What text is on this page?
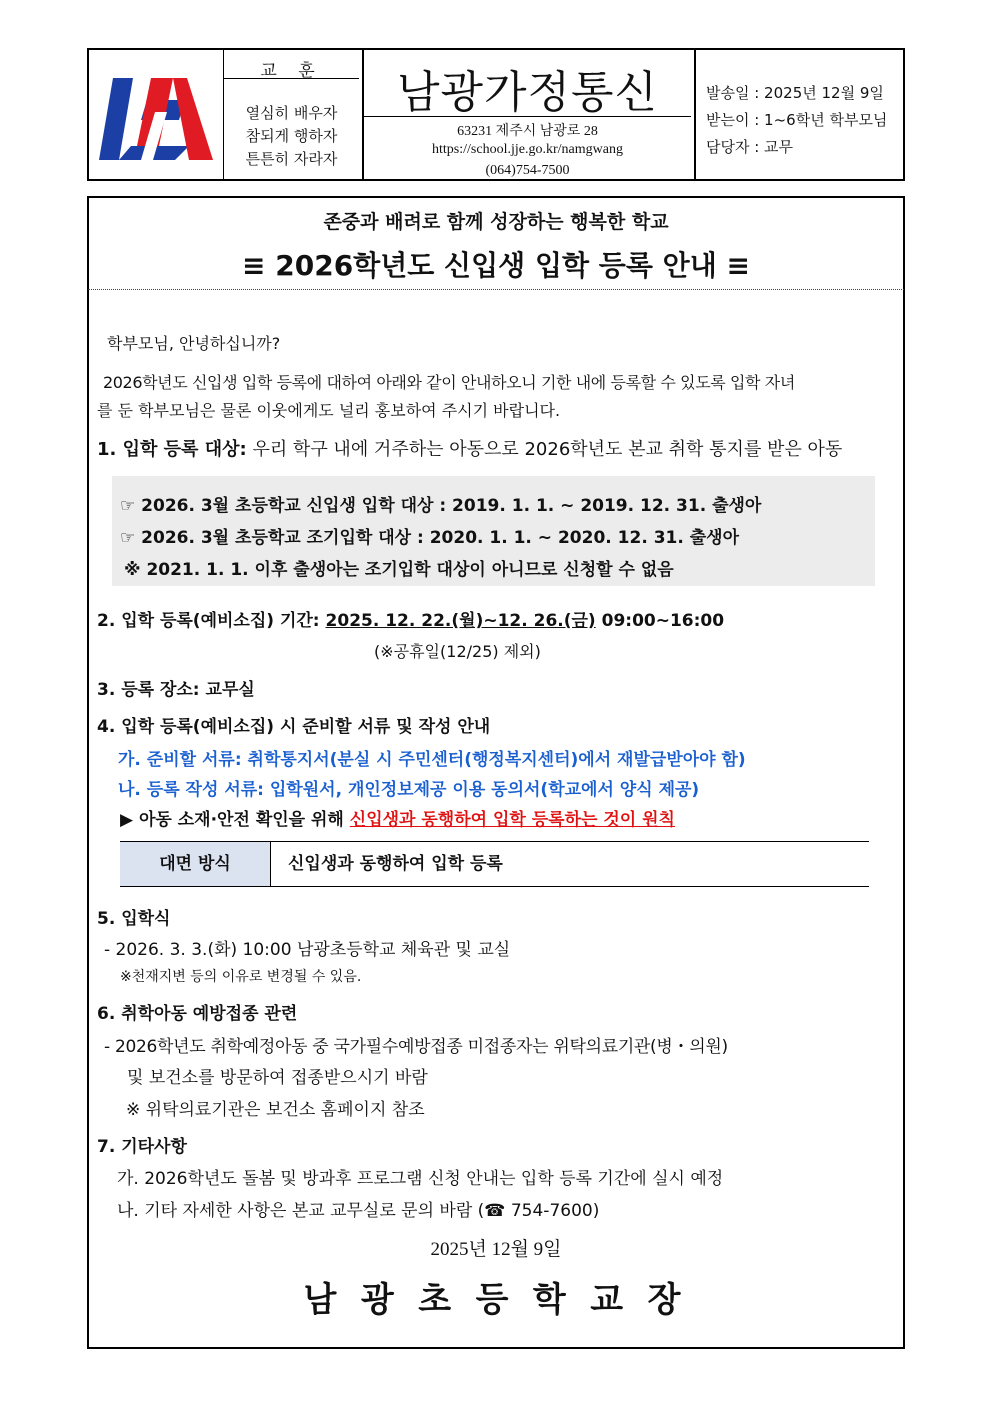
교 훈
열심히 배우자
참되게 행하자
튼튼히 자라자
남광가정통신
63231 제주시 남광로 28
https://school.jje.go.kr/namgwang
(064)754-7500
발송일 : 2025년 12월 9일
받는이 : 1~6학년 학부모님
담당자 : 교무
존중과 배려로 함께 성장하는 행복한 학교
≡ 2026학년도 신입생 입학 등록 안내 ≡
학부모님, 안녕하십니까?
2026학년도 신입생 입학 등록에 대하여 아래와 같이 안내하오니 기한 내에 등록할 수 있도록 입학 자녀
를 둔 학부모님은 물론 이웃에게도 널리 홍보하여 주시기 바랍니다.
1. 입학 등록 대상: 우리 학구 내에 거주하는 아동으로 2026학년도 본교 취학 통지를 받은 아동
☞ 2026. 3월 초등학교 신입생 입학 대상 : 2019. 1. 1. ~ 2019. 12. 31. 출생아
☞ 2026. 3월 초등학교 조기입학 대상 : 2020. 1. 1. ~ 2020. 12. 31. 출생아
※ 2021. 1. 1. 이후 출생아는 조기입학 대상이 아니므로 신청할 수 없음
2. 입학 등록(예비소집) 기간: 2025. 12. 22.(월)~12. 26.(금) 09:00~16:00
(※공휴일(12/25) 제외)
3. 등록 장소: 교무실
4. 입학 등록(예비소집) 시 준비할 서류 및 작성 안내
가. 준비할 서류: 취학통지서(분실 시 주민센터(행정복지센터)에서 재발급받아야 함)
나. 등록 작성 서류: 입학원서, 개인정보제공 이용 동의서(학교에서 양식 제공)
▶ 아동 소재·안전 확인을 위해 신입생과 동행하여 입학 등록하는 것이 원칙
대면 방식	신입생과 동행하여 입학 등록
5. 입학식
- 2026. 3. 3.(화) 10:00 남광초등학교 체육관 및 교실
※천재지변 등의 이유로 변경될 수 있음.
6. 취학아동 예방접종 관련
- 2026학년도 취학예정아동 중 국가필수예방접종 미접종자는 위탁의료기관(병・의원)
및 보건소를 방문하여 접종받으시기 바람
※ 위탁의료기관은 보건소 홈페이지 참조
7. 기타사항
가. 2026학년도 돌봄 및 방과후 프로그램 신청 안내는 입학 등록 기간에 실시 예정
나. 기타 자세한 사항은 본교 교무실로 문의 바람 (☎ 754-7600)
2025년 12월 9일
남 광 초 등 학 교 장
